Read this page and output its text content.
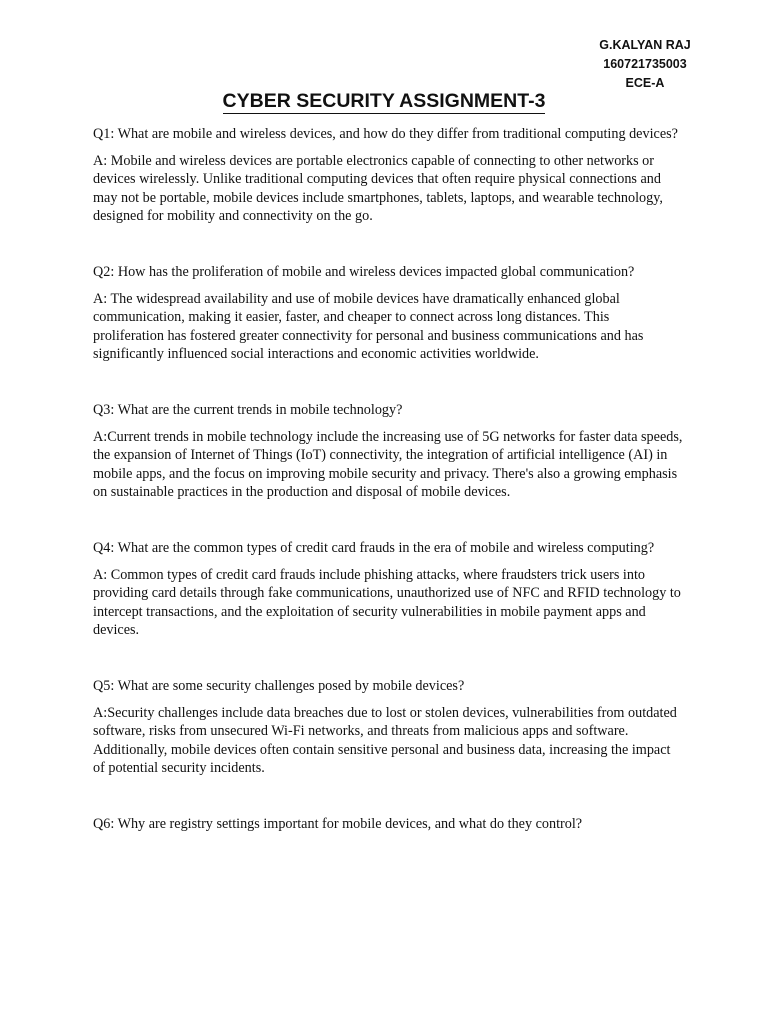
G.KALYAN RAJ
160721735003
ECE-A
CYBER SECURITY ASSIGNMENT-3

Q1: What are mobile and wireless devices, and how do they differ from traditional computing devices?

A: Mobile and wireless devices are portable electronics capable of connecting to other networks or devices wirelessly. Unlike traditional computing devices that often require physical connections and may not be portable, mobile devices include smartphones, tablets, laptops, and wearable technology, designed for mobility and connectivity on the go.

Q2: How has the proliferation of mobile and wireless devices impacted global communication?

A: The widespread availability and use of mobile devices have dramatically enhanced global communication, making it easier, faster, and cheaper to connect across long distances. This proliferation has fostered greater connectivity for personal and business communications and has significantly influenced social interactions and economic activities worldwide.

Q3: What are the current trends in mobile technology?

A:Current trends in mobile technology include the increasing use of 5G networks for faster data speeds, the expansion of Internet of Things (IoT) connectivity, the integration of artificial intelligence (AI) in mobile apps, and the focus on improving mobile security and privacy. There's also a growing emphasis on sustainable practices in the production and disposal of mobile devices.

Q4: What are the common types of credit card frauds in the era of mobile and wireless computing?

A: Common types of credit card frauds include phishing attacks, where fraudsters trick users into providing card details through fake communications, unauthorized use of NFC and RFID technology to intercept transactions, and the exploitation of security vulnerabilities in mobile payment apps and devices.

Q5: What are some security challenges posed by mobile devices?

A:Security challenges include data breaches due to lost or stolen devices, vulnerabilities from outdated software, risks from unsecured Wi-Fi networks, and threats from malicious apps and software. Additionally, mobile devices often contain sensitive personal and business data, increasing the impact of potential security incidents.

Q6: Why are registry settings important for mobile devices, and what do they control?
